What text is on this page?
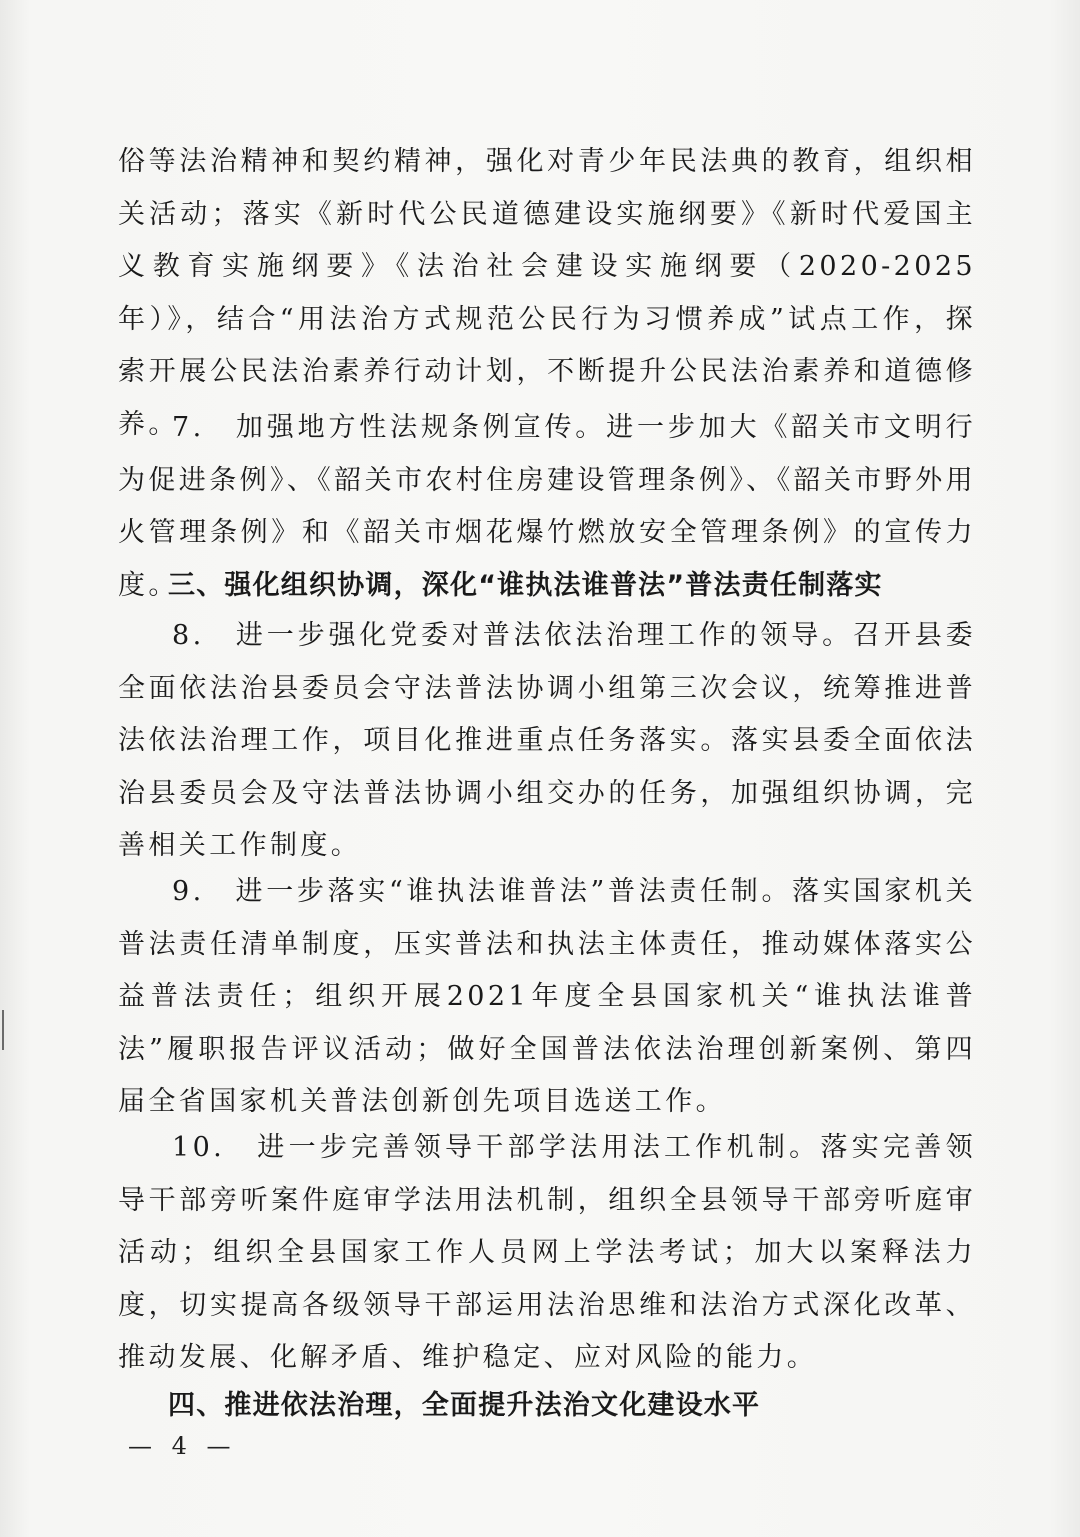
俗等法治精神和契约精神，强化对青少年民法典的教育，组织相关活动；落实《新时代公民道德建设实施纲要》《新时代爱国主义教育实施纲要》《法治社会建设实施纲要（2020-2025年）》，结合“用法治方式规范公民行为习惯养成”试点工作，探索开展公民法治素养行动计划，不断提升公民法治素养和道德修养。
7.　加强地方性法规条例宣传。进一步加大《韶关市文明行为促进条例》、《韶关市农村住房建设管理条例》、《韶关市野外用火管理条例》和《韶关市烟花爆竹燃放安全管理条例》的宣传力度。
三、强化组织协调，深化“谁执法谁普法”普法责任制落实
8.　进一步强化党委对普法依法治理工作的领导。召开县委全面依法治县委员会守法普法协调小组第三次会议，统筹推进普法依法治理工作，项目化推进重点任务落实。落实县委全面依法治县委员会及守法普法协调小组交办的任务，加强组织协调，完善相关工作制度。
9.　进一步落实“谁执法谁普法”普法责任制。落实国家机关普法责任清单制度，压实普法和执法主体责任，推动媒体落实公益普法责任；组织开展2021年度全县国家机关“谁执法谁普法”履职报告评议活动；做好全国普法依法治理创新案例、第四届全省国家机关普法创新创先项目选送工作。
10.　进一步完善领导干部学法用法工作机制。落实完善领导干部旁听案件庭审学法用法机制，组织全县领导干部旁听庭审活动；组织全县国家工作人员网上学法考试；加大以案释法力度，切实提高各级领导干部运用法治思维和法治方式深化改革、推动发展、化解矛盾、维护稳定、应对风险的能力。
四、推进依法治理，全面提升法治文化建设水平
— 4 —
